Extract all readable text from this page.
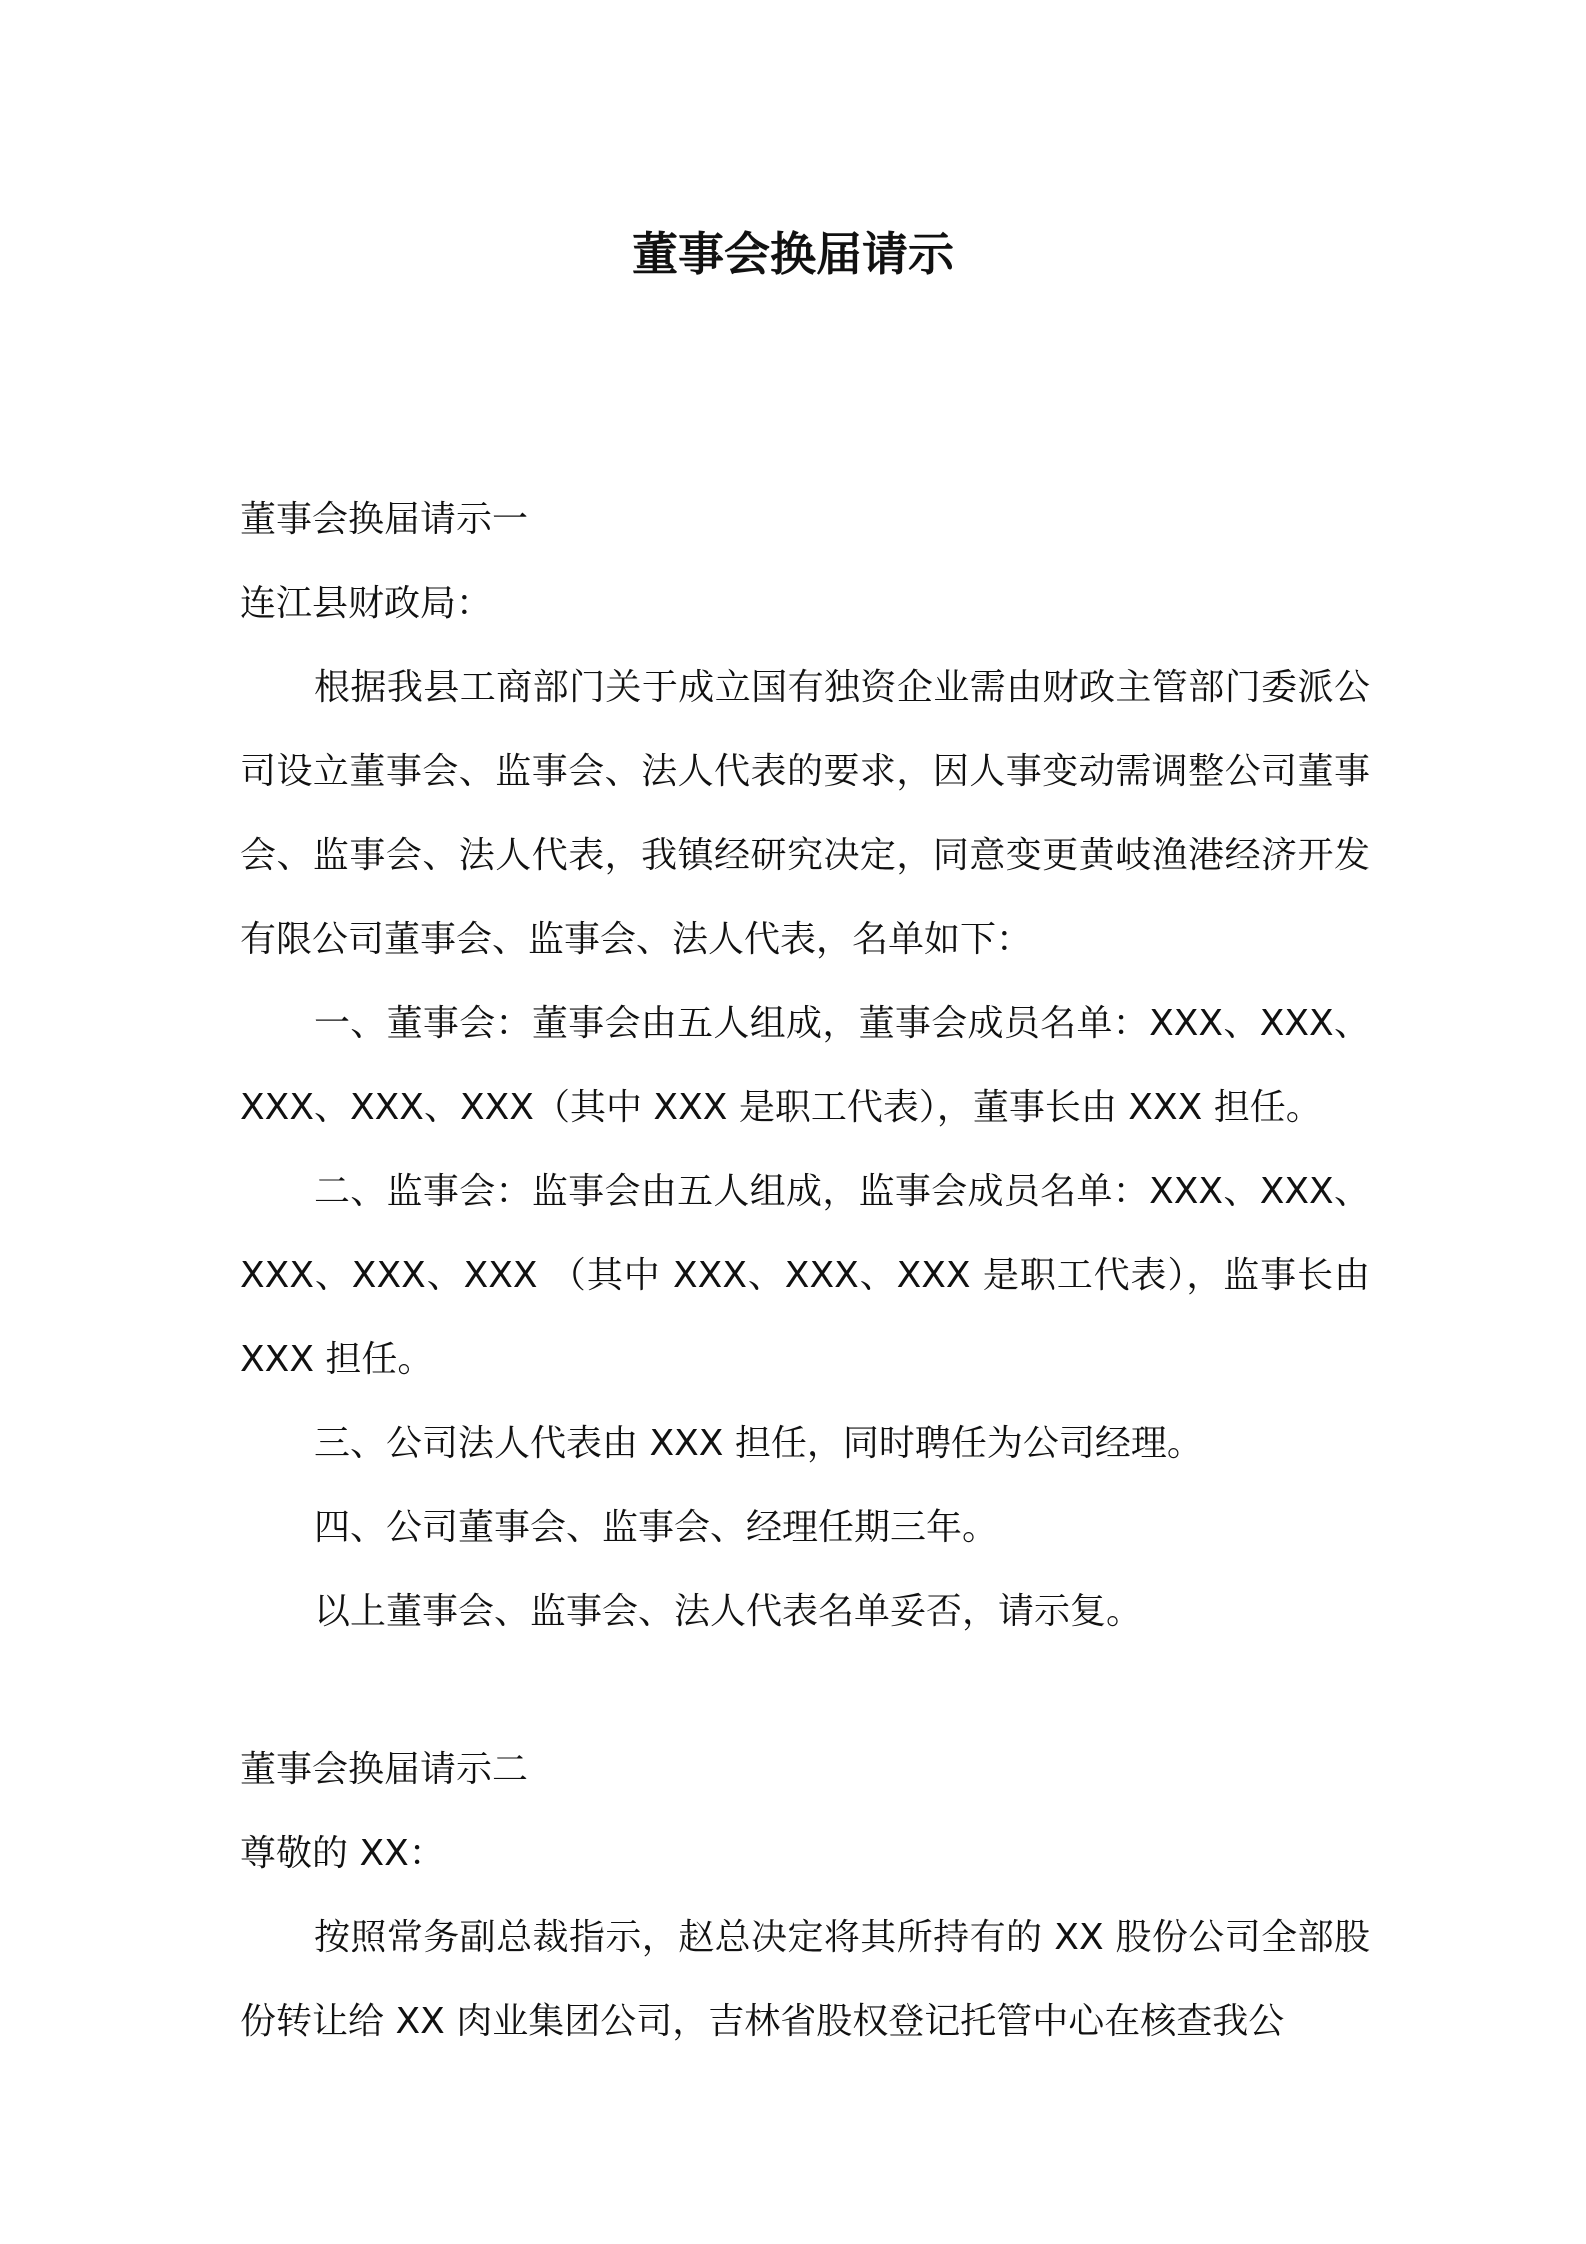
董事会换届请示

董事会换届请示一

连江县财政局：

根据我县工商部门关于成立国有独资企业需由财政主管部门委派公司设立董事会、监事会、法人代表的要求，因人事变动需调整公司董事会、监事会、法人代表，我镇经研究决定，同意变更黄岐渔港经济开发有限公司董事会、监事会、法人代表，名单如下：

一、董事会：董事会由五人组成，董事会成员名单：XXX、XXX、XXX、XXX、XXX（其中 XXX 是职工代表），董事长由 XXX 担任。

二、监事会：监事会由五人组成，监事会成员名单：XXX、XXX、XXX、XXX、XXX （其中 XXX、XXX、XXX 是职工代表），监事长由 XXX 担任。

三、公司法人代表由 XXX 担任，同时聘任为公司经理。

四、公司董事会、监事会、经理任期三年。

以上董事会、监事会、法人代表名单妥否，请示复。

董事会换届请示二

尊敬的 XX：

按照常务副总裁指示，赵总决定将其所持有的 XX 股份公司全部股份转让给 XX 肉业集团公司，吉林省股权登记托管中心在核查我公
